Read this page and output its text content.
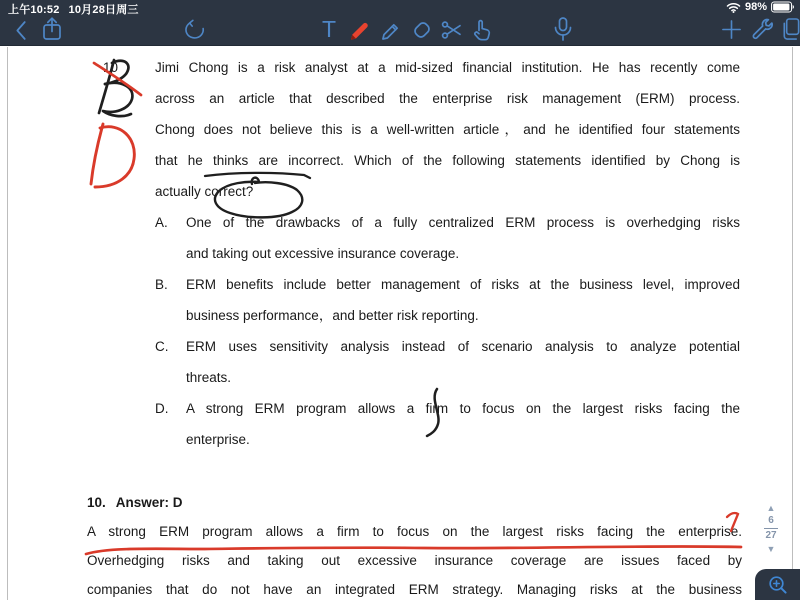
上午10:52 10月28日周三	98%
T
10	Jimi Chong is a risk analyst at a mid-sized financial institution. He has recently come
across an article that described the enterprise risk management (ERM) process.
Chong does not believe this is a well-written article，and he identified four statements
that he thinks are incorrect. Which of the following statements identified by Chong is
actually correct?
A.	One of the drawbacks of a fully centralized ERM process is overhedging risks
and taking out excessive insurance coverage.
B.	ERM benefits include better management of risks at the business level, improved
business performance，and better risk reporting.
C.	ERM uses sensitivity analysis instead of scenario analysis to analyze potential
threats.
D.	A strong ERM program allows a firm to focus on the largest risks facing the
enterprise.
10. Answer: D
A strong ERM program allows a firm to focus on the largest risks facing the enterprise.
Overhedging risks and taking out excessive insurance coverage are issues faced by
companies that do not have an integrated ERM strategy. Managing risks at the business
▲
6
27
▼
